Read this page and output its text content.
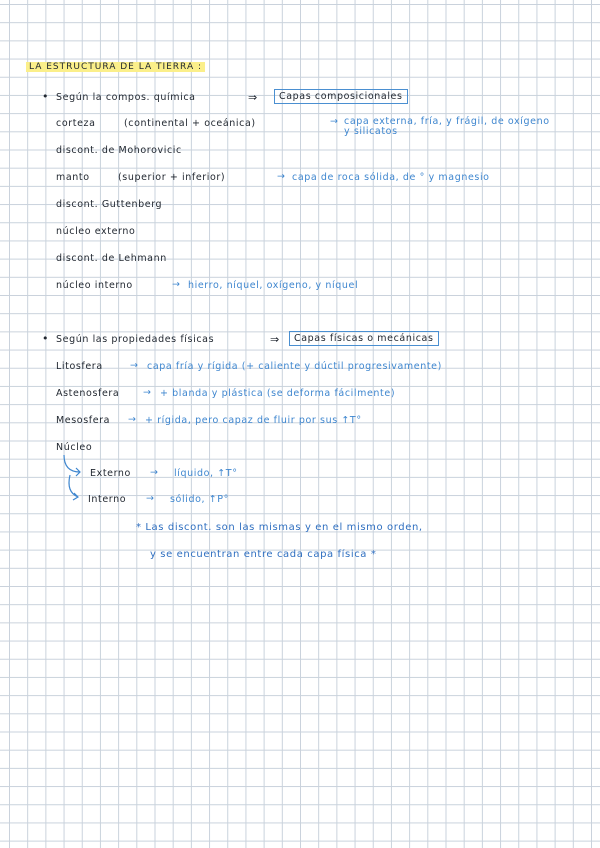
LA ESTRUCTURA DE LA TIERRA :
• Según la compos. química	⇒	Capas composicionales
corteza	(continental + oceánica)	→ capa externa, fría, y frágil, de oxígeno y silicatos
discont. de Mohorovicic
manto	(superior + inferior)	→ capa de roca sólida, de ° y magnesio
discont. Guttenberg
núcleo externo
discont. de Lehmann
núcleo interno	→ hierro, níquel, oxígeno, y níquel
• Según las propiedades físicas	⇒	Capas físicas o mecánicas
Litosfera	→ capa fría y rígida (+ caliente y dúctil progresivamente)
Astenosfera → + blanda y plástica (se deforma fácilmente)
Mesosfera → + rígida, pero capaz de fluir por sus ↑T°
Núcleo
Externo → líquido, ↑T°
Interno → sólido, ↑P°
* Las discont. son las mismas y en el mismo orden,
y se encuentran entre cada capa física *
